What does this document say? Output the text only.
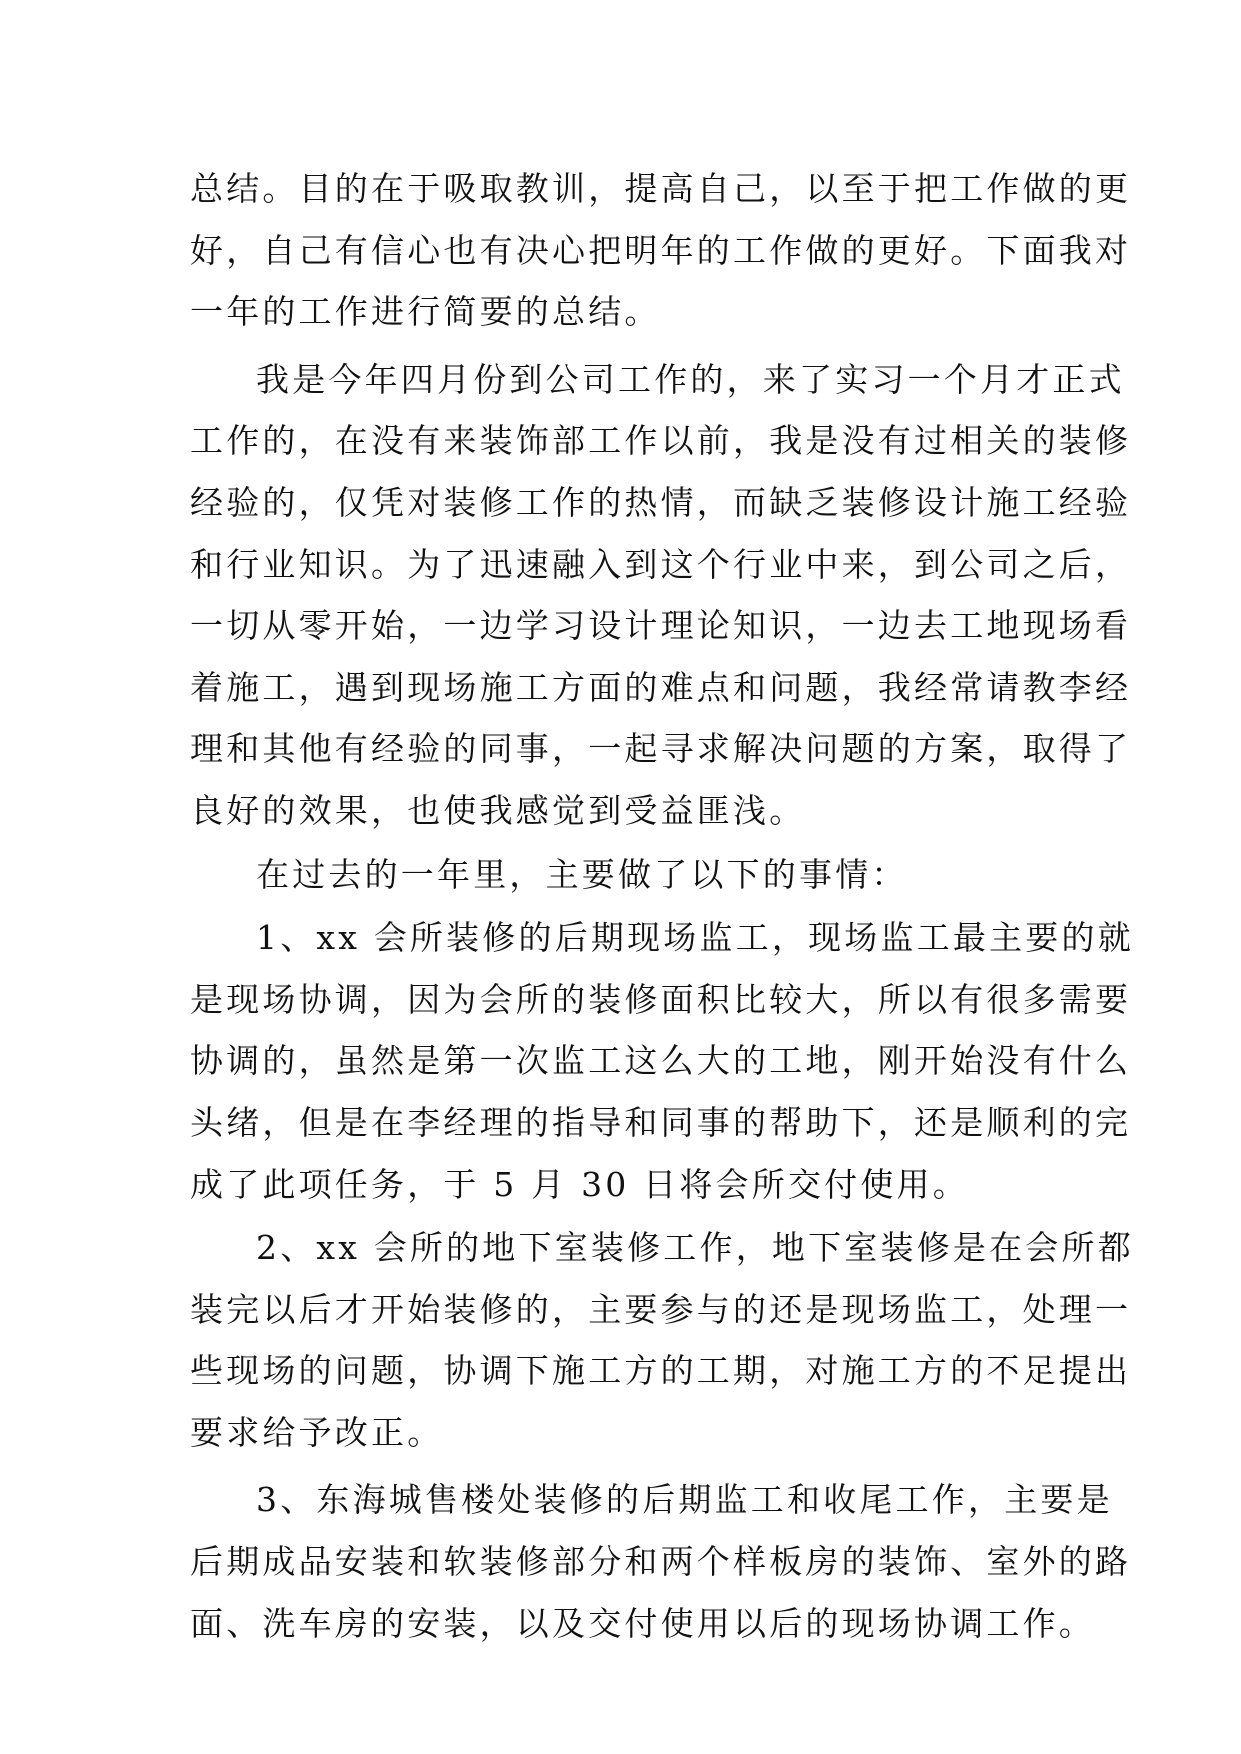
总结。目的在于吸取教训，提高自己，以至于把工作做的更
好，自己有信心也有决心把明年的工作做的更好。下面我对
一年的工作进行简要的总结。

我是今年四月份到公司工作的，来了实习一个月才正式
工作的，在没有来装饰部工作以前，我是没有过相关的装修
经验的，仅凭对装修工作的热情，而缺乏装修设计施工经验
和行业知识。为了迅速融入到这个行业中来，到公司之后，
一切从零开始，一边学习设计理论知识，一边去工地现场看
着施工，遇到现场施工方面的难点和问题，我经常请教李经
理和其他有经验的同事，一起寻求解决问题的方案，取得了
良好的效果，也使我感觉到受益匪浅。

在过去的一年里，主要做了以下的事情：

1、xx 会所装修的后期现场监工，现场监工最主要的就
是现场协调，因为会所的装修面积比较大，所以有很多需要
协调的，虽然是第一次监工这么大的工地，刚开始没有什么
头绪，但是在李经理的指导和同事的帮助下，还是顺利的完
成了此项任务，于 5 月 30 日将会所交付使用。

2、xx 会所的地下室装修工作，地下室装修是在会所都
装完以后才开始装修的，主要参与的还是现场监工，处理一
些现场的问题，协调下施工方的工期，对施工方的不足提出
要求给予改正。

3、东海城售楼处装修的后期监工和收尾工作，主要是
后期成品安装和软装修部分和两个样板房的装饰、室外的路
面、洗车房的安装，以及交付使用以后的现场协调工作。
